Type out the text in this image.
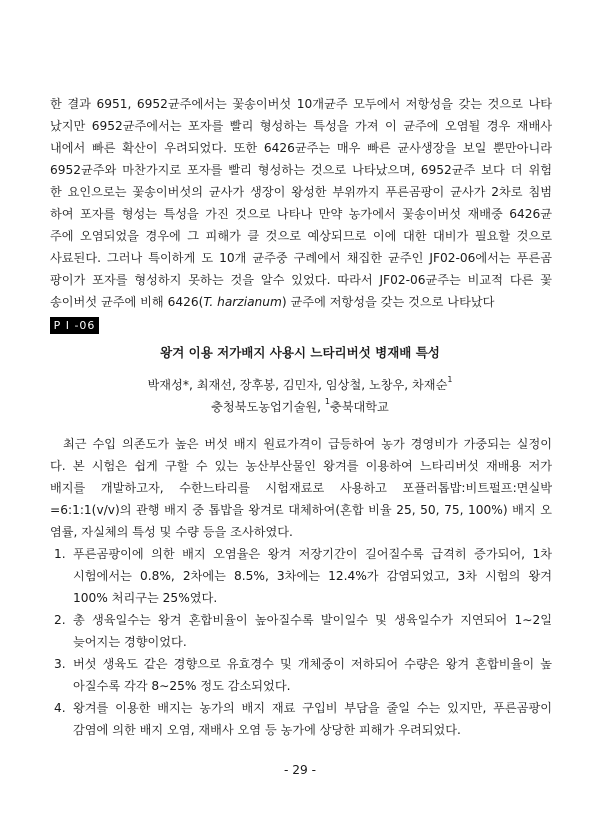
한 결과 6951, 6952균주에서는 꽃송이버섯 10개균주 모두에서 저항성을 갖는 것으로 나타
났지만 6952균주에서는 포자를 빨리 형성하는 특성을 가져 이 균주에 오염될 경우 재배사
내에서 빠른 확산이 우려되었다. 또한 6426균주는 매우 빠른 균사생장을 보일 뿐만아니라
6952균주와 마찬가지로 포자를 빨리 형성하는 것으로 나타났으며, 6952균주 보다 더 위험
한 요인으로는 꽃송이버섯의 균사가 생장이 왕성한 부위까지 푸른곰팡이 균사가 2차로 침범
하여 포자를 형성는 특성을 가진 것으로 나타나 만약 농가에서 꽃송이버섯 재배중 6426균
주에 오염되었을 경우에 그 피해가 클 것으로 예상되므로 이에 대한 대비가 필요할 것으로
사료된다. 그러나 특이하게 도 10개 균주중 구례에서 채집한 균주인 JF02-06에서는 푸른곰
팡이가 포자를 형성하지 못하는 것을 알수 있었다. 따라서 JF02-06균주는 비교적 다른 꽃
송이버섯 균주에 비해 6426(T. harzianum) 균주에 저항성을 갖는 것으로 나타났다
P I -06
왕겨 이용 저가배지 사용시 느타리버섯 병재배 특성
박재성*, 최재선, 장후봉, 김민자, 임상철, 노창우, 차재순$^1$
충청북도농업기술원, $^1$충북대학교
최근 수입 의존도가 높은 버섯 배지 원료가격이 급등하여 농가 경영비가 가중되는 실정이
다. 본 시험은 쉽게 구할 수 있는 농산부산물인 왕겨를 이용하여 느타리버섯 재배용 저가
배지를 개발하고자, 수한느타리를 시험재료로 사용하고 포플러톱밥:비트펄프:면실박
=6:1:1(v/v)의 관행 배지 중 톱밥을 왕겨로 대체하여(혼합 비율 25, 50, 75, 100%) 배지 오
염률, 자실체의 특성 및 수량 등을 조사하였다.
1. 푸른곰팡이에 의한 배지 오염율은 왕겨 저장기간이 길어질수록 급격히 증가되어, 1차
시험에서는 0.8%, 2차에는 8.5%, 3차에는 12.4%가 감염되었고, 3차 시험의 왕겨
100% 처리구는 25%였다.
2. 총 생육일수는 왕겨 혼합비율이 높아질수록 발이일수 및 생육일수가 지연되어 1∼2일
늦어지는 경향이었다.
3. 버섯 생육도 같은 경향으로 유효경수 및 개체중이 저하되어 수량은 왕겨 혼합비율이 높
아질수록 각각 8∼25% 정도 감소되었다.
4. 왕겨를 이용한 배지는 농가의 배지 재료 구입비 부담을 줄일 수는 있지만, 푸른곰팡이
감염에 의한 배지 오염, 재배사 오염 등 농가에 상당한 피해가 우려되었다.
- 29 -
